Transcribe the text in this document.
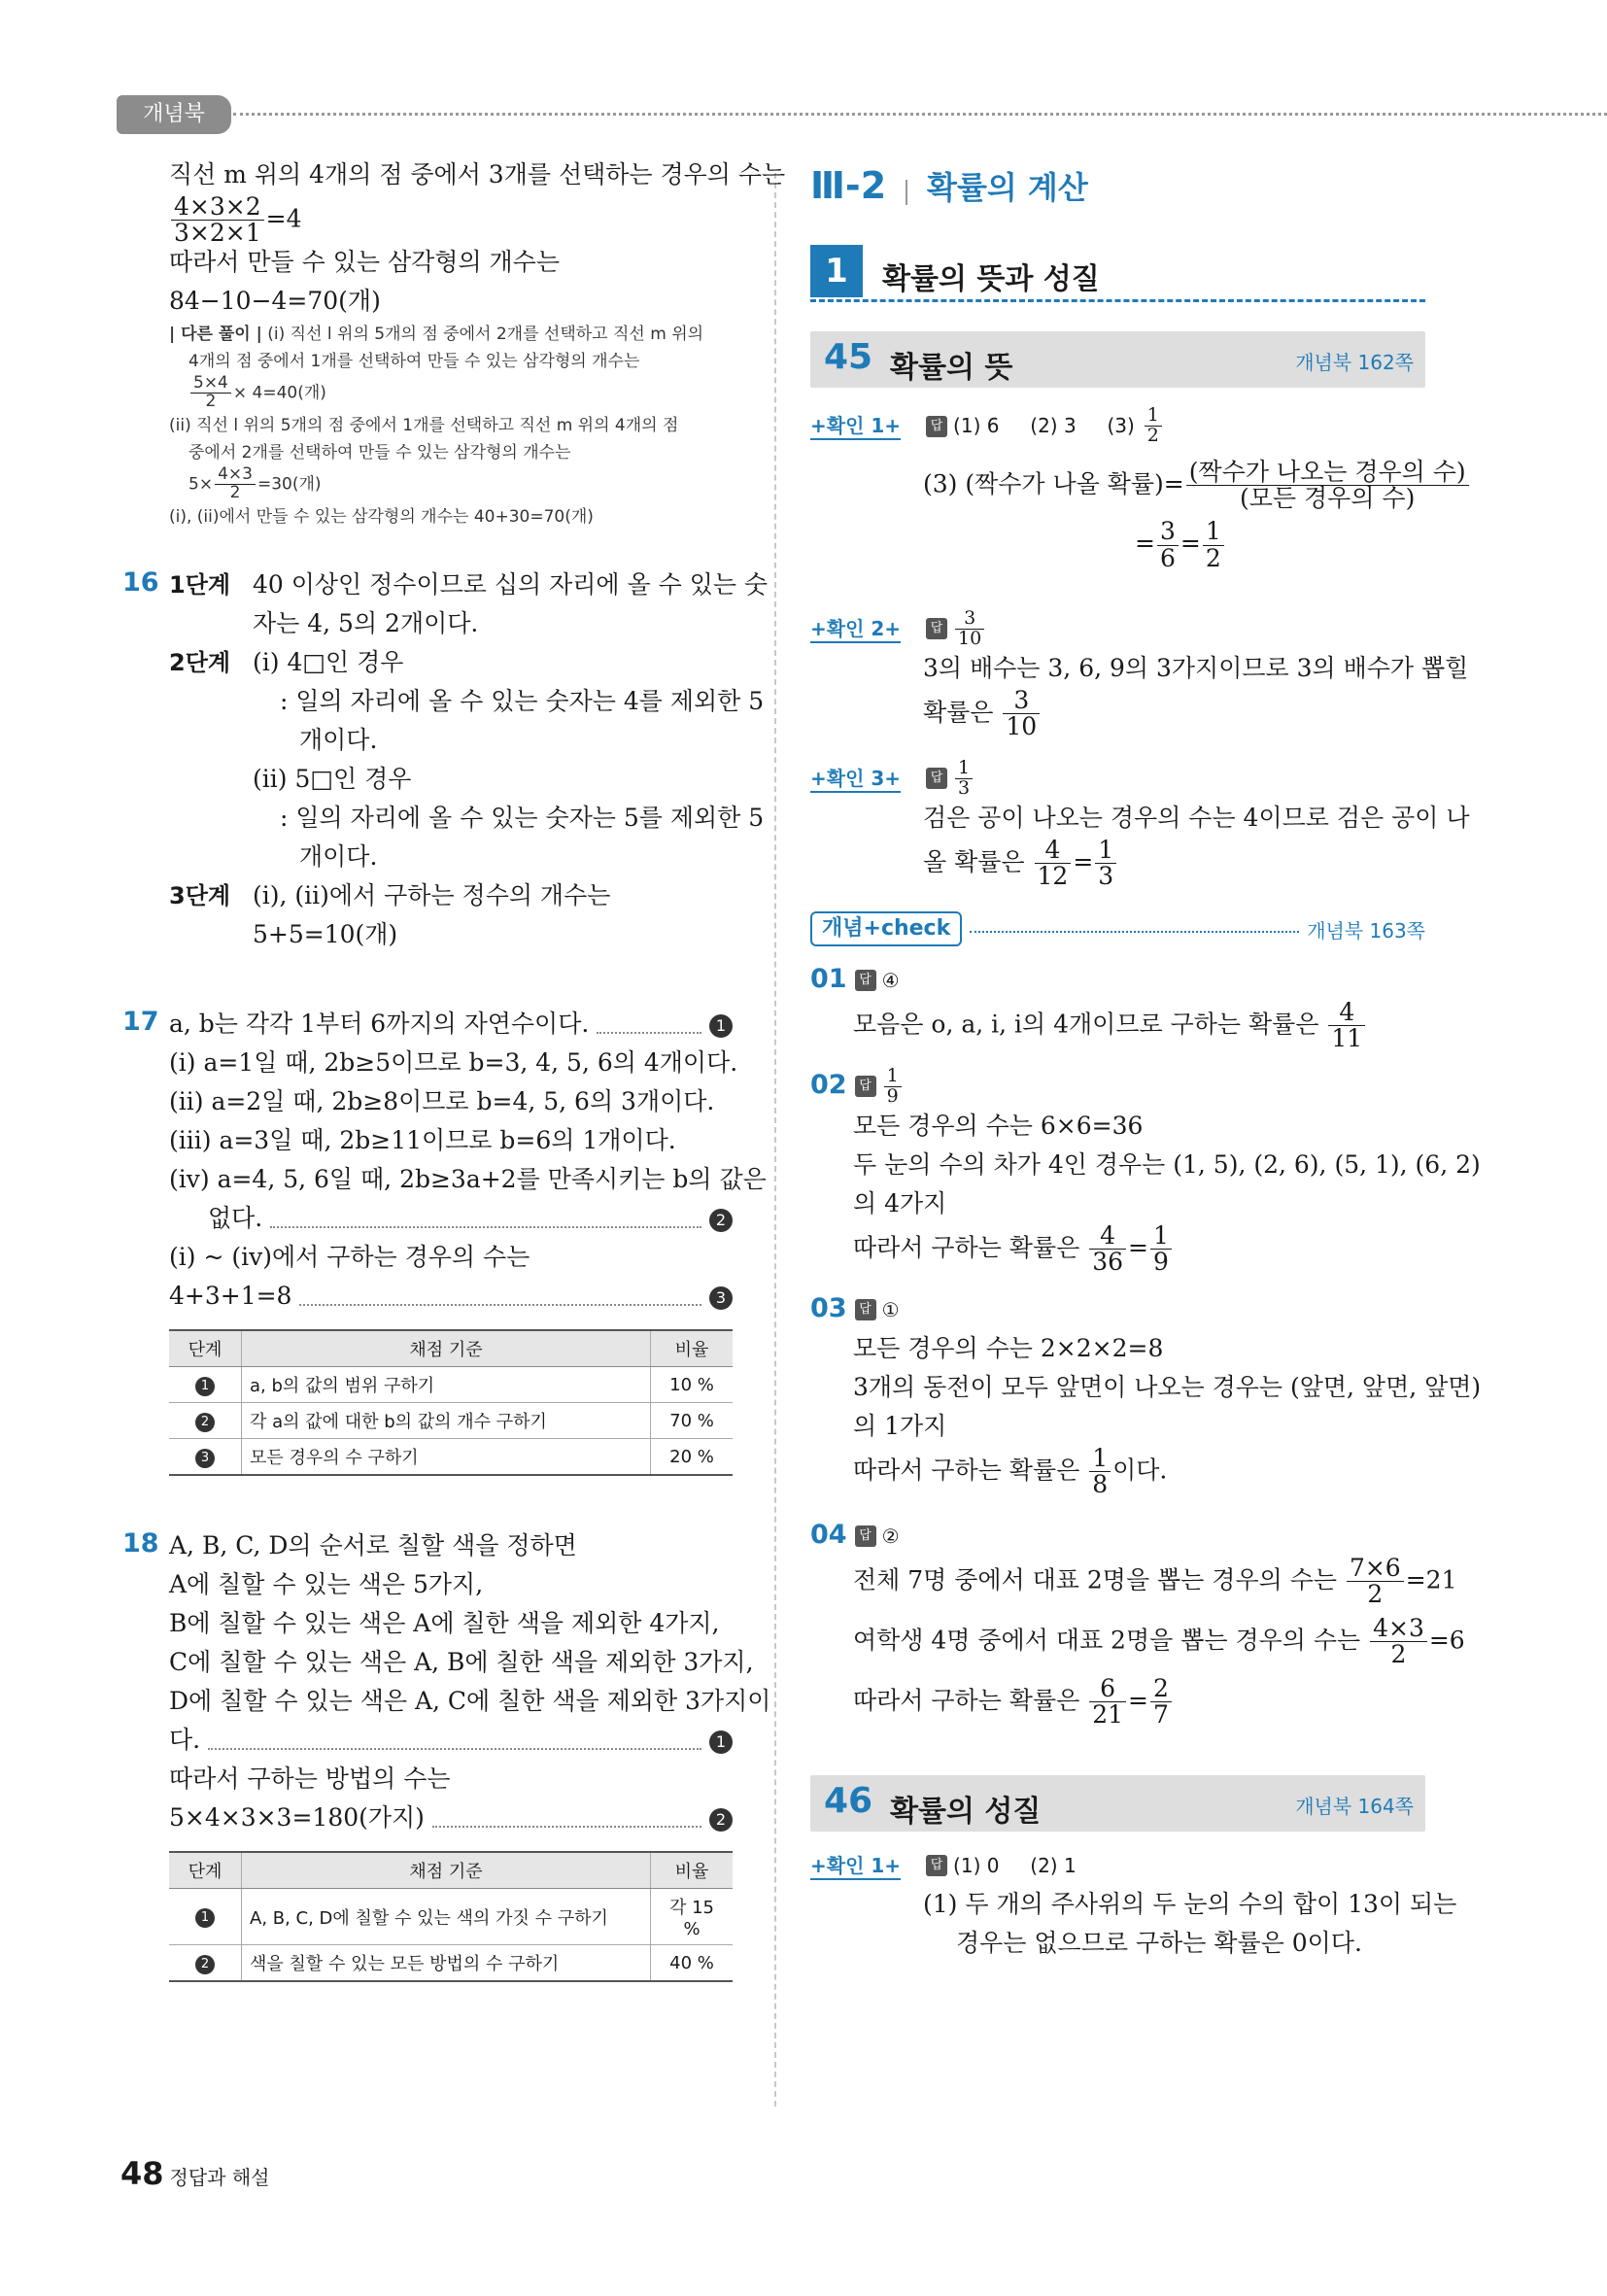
개념북
직선 m 위의 4개의 점 중에서 3개를 선택하는 경우의 수는
$\frac{4\times 3\times 2}{3\times 2\times 1} =4$
따라서 만들 수 있는 삼각형의 개수는
84−10−4=70(개)
| 다른 풀이 | (i) 직선 l 위의 5개의 점 중에서 2개를 선택하고 직선 m 위의
4개의 점 중에서 1개를 선택하여 만들 수 있는 삼각형의 개수는
$\frac{5\times 4}{2} \times 4=40$(개)
(ii) 직선 l 위의 5개의 점 중에서 1개를 선택하고 직선 m 위의 4개의 점
중에서 2개를 선택하여 만들 수 있는 삼각형의 개수는
$5\times \frac{4\times 3}{2} =30$(개)
(i), (ii)에서 만들 수 있는 삼각형의 개수는 40+30=70(개)
16 1단계 40 이상인 정수이므로 십의 자리에 올 수 있는 숫
자는 4, 5의 2개이다.
2단계 (i) 4□인 경우
: 일의 자리에 올 수 있는 숫자는 4를 제외한 5
개이다.
(ii) 5□인 경우
: 일의 자리에 올 수 있는 숫자는 5를 제외한 5
개이다.
3단계 (i), (ii)에서 구하는 정수의 개수는
5+5=10(개)
17 a, b는 각각 1부터 6까지의 자연수이다.	1
(i) a=1일 때, 2b≥5이므로 b=3, 4, 5, 6의 4개이다.
(ii) a=2일 때, 2b≥8이므로 b=4, 5, 6의 3개이다.
(iii) a=3일 때, 2b≥11이므로 b=6의 1개이다.
(iv) a=4, 5, 6일 때, 2b≥3a+2를 만족시키는 b의 값은
없다.	2
(i) ~ (iv)에서 구하는 경우의 수는
4+3+1=8	3
단계	채점 기준	비율
1	a, b의 값의 범위 구하기	10 %
2	각 a의 값에 대한 b의 값의 개수 구하기	70 %
3	모든 경우의 수 구하기	20 %
18 A, B, C, D의 순서로 칠할 색을 정하면
A에 칠할 수 있는 색은 5가지,
B에 칠할 수 있는 색은 A에 칠한 색을 제외한 4가지,
C에 칠할 수 있는 색은 A, B에 칠한 색을 제외한 3가지,
D에 칠할 수 있는 색은 A, C에 칠한 색을 제외한 3가지이
다.	1
따라서 구하는 방법의 수는
5×4×3×3=180(가지)	2
단계	채점 기준	비율
1	A, B, C, D에 칠할 수 있는 색의 가짓 수 구하기	각 15 %
2	색을 칠할 수 있는 모든 방법의 수 구하기	40 %
Ⅲ-2 확률의 계산
1	확률의 뜻과 성질
45 확률의 뜻	개념북 162쪽
+확인 1+ 답 (1) 6 (2) 3 $(3) \frac{1}{2}$
(3) (짝수가 나올 확률)= (짝수가 나오는 경우의 수)
(모든 경우의 수)
= $\frac{3}{6} = \frac{1}{2}$
+확인 2+ 답 $\frac{3}{10}$
3의 배수는 3, 6, 9의 3가지이므로 3의 배수가 뽑힐
확률은 $\frac{3}{10}$
+확인 3+ 답 $\frac{1}{3}$
검은 공이 나오는 경우의 수는 4이므로 검은 공이 나
올 확률은 $\frac{4}{12} = \frac{1}{3}$
개념+check	개념북 163쪽
01 답 ④
모음은 o, a, i, i의 4개이므로 구하는 확률은 $\frac{4}{11}$
02 답 $\frac{1}{9}$
모든 경우의 수는 6×6=36
두 눈의 수의 차가 4인 경우는 (1, 5), (2, 6), (5, 1), (6, 2)
의 4가지
따라서 구하는 확률은 $\frac{4}{36} = \frac{1}{9}$
03 답 ①
모든 경우의 수는 2×2×2=8
3개의 동전이 모두 앞면이 나오는 경우는 (앞면, 앞면, 앞면)
의 1가지
따라서 구하는 확률은 $\frac{1}{8}$ 이다.
04 답 ②
전체 7명 중에서 대표 2명을 뽑는 경우의 수는 $\frac{7\times 6}{2} =21$
여학생 4명 중에서 대표 2명을 뽑는 경우의 수는 $\frac{4\times 3}{2} =6$
따라서 구하는 확률은 $\frac{6}{21} = \frac{2}{7}$
46 확률의 성질	개념북 164쪽
+확인 1+ 답 (1) 0 (2) 1
(1) 두 개의 주사위의 두 눈의 수의 합이 13이 되는
경우는 없으므로 구하는 확률은 0이다.
48 정답과 해설
